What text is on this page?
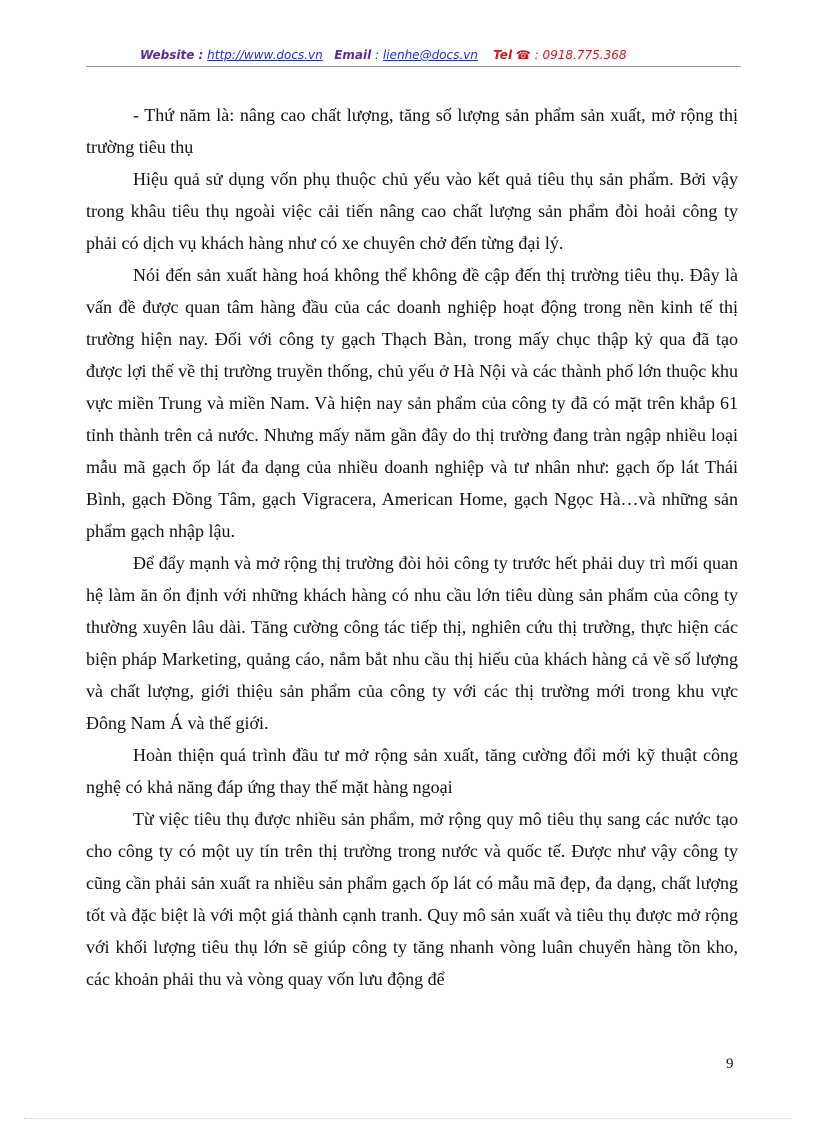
Website : http://www.docs.vn Email : lienhe@docs.vn Tel ☎ : 0918.775.368

- Thứ năm là: nâng cao chất lượng, tăng số lượng sản phẩm sản xuất, mở rộng thị trường tiêu thụ

Hiệu quả sử dụng vốn phụ thuộc chủ yếu vào kết quả tiêu thụ sản phẩm. Bởi vậy trong khâu tiêu thụ ngoài việc cải tiến nâng cao chất lượng sản phẩm đòi hoải công ty phải có dịch vụ khách hàng như có xe chuyên chở đến từng đại lý.

Nói đến sản xuất hàng hoá không thể không đề cập đến thị trường tiêu thụ. Đây là vấn đề được quan tâm hàng đầu của các doanh nghiệp hoạt động trong nền kinh tế thị trường hiện nay. Đối với công ty gạch Thạch Bàn, trong mấy chục thập kỷ qua đã tạo được lợi thế về thị trường truyền thống, chủ yếu ở Hà Nội và các thành phố lớn thuộc khu vực miền Trung và miền Nam. Và hiện nay sản phẩm của công ty đã có mặt trên khắp 61 tỉnh thành trên cả nước. Nhưng mấy năm gần đây do thị trường đang tràn ngập nhiều loại mẫu mã gạch ốp lát đa dạng của nhiều doanh nghiệp và tư nhân như: gạch ốp lát Thái Bình, gạch Đồng Tâm, gạch Vigracera, American Home, gạch Ngọc Hà…và những sản phẩm gạch nhập lậu.

Để đẩy mạnh và mở rộng thị trường đòi hỏi công ty trước hết phải duy trì mối quan hệ làm ăn ổn định với những khách hàng có nhu cầu lớn tiêu dùng sản phẩm của công ty thường xuyên lâu dài. Tăng cường công tác tiếp thị, nghiên cứu thị trường, thực hiện các biện pháp Marketing, quảng cáo, nắm bắt nhu cầu thị hiếu của khách hàng cả về số lượng và chất lượng, giới thiệu sản phẩm của công ty với các thị trường mới trong khu vực Đông Nam Á và thế giới.

Hoàn thiện quá trình đầu tư mở rộng sản xuất, tăng cường đổi mới kỹ thuật công nghệ có khả năng đáp ứng thay thế mặt hàng ngoại

Từ việc tiêu thụ được nhiều sản phẩm, mở rộng quy mô tiêu thụ sang các nước tạo cho công ty có một uy tín trên thị trường trong nước và quốc tế. Được như vậy công ty cũng cần phải sản xuất ra nhiều sản phẩm gạch ốp lát có mẫu mã đẹp, đa dạng, chất lượng tốt và đặc biệt là với một giá thành cạnh tranh. Quy mô sản xuất và tiêu thụ được mở rộng với khối lượng tiêu thụ lớn sẽ giúp công ty tăng nhanh vòng luân chuyển hàng tồn kho, các khoản phải thu và vòng quay vốn lưu động để

9
